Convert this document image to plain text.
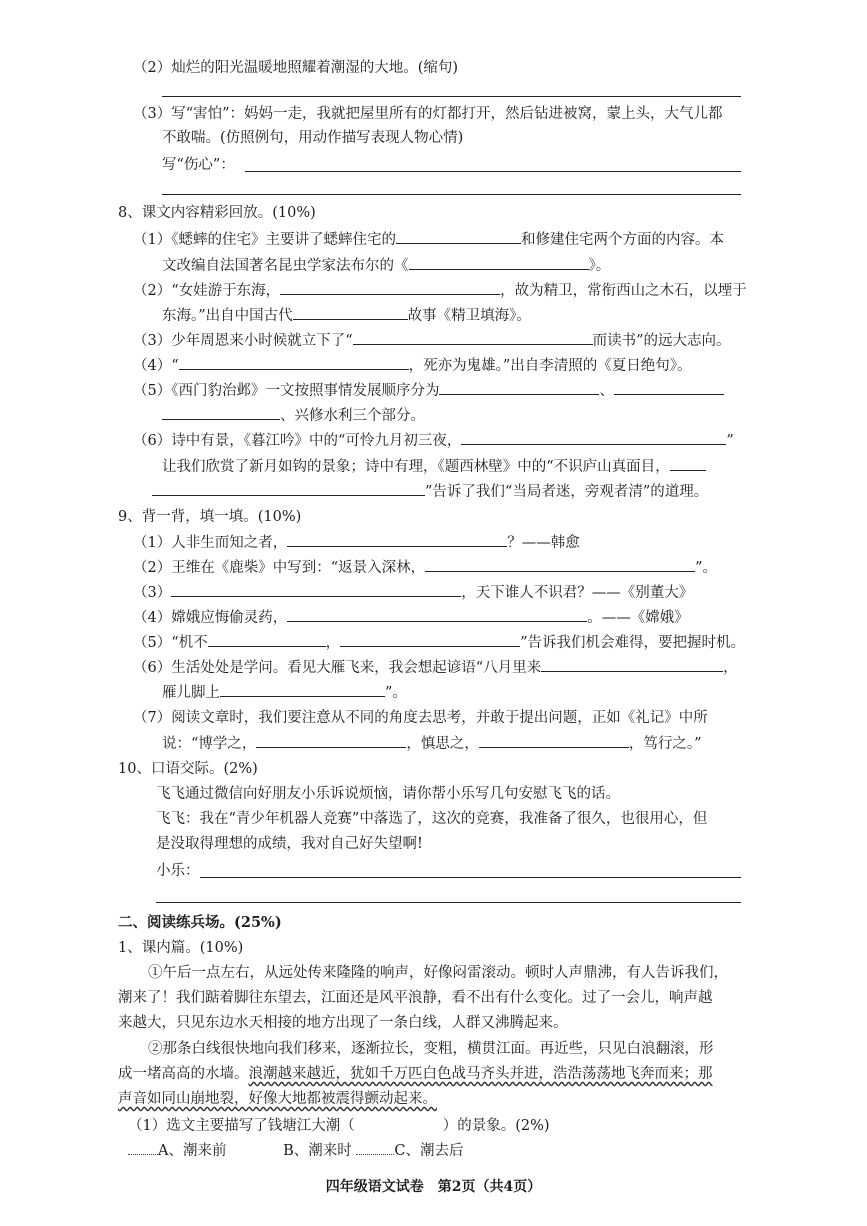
（2）灿烂的阳光温暖地照耀着潮湿的大地。(缩句)
（3）写“害怕”：妈妈一走，我就把屋里所有的灯都打开，然后钻进被窝，蒙上头，大气儿都
不敢喘。(仿照例句，用动作描写表现人物心情)
写“伤心”：
8、课文内容精彩回放。(10%)
（1）《蟋蟀的住宅》主要讲了蟋蟀住宅的	和修建住宅两个方面的内容。本
文改编自法国著名昆虫学家法布尔的《	》。
（2）“女娃游于东海，	，故为精卫，常衔西山之木石，以堙于
东海。”出自中国古代	故事《精卫填海》。
（3）少年周恩来小时候就立下了“	而读书”的远大志向。
（4）“	，死亦为鬼雄。”出自李清照的《夏日绝句》。
（5）《西门豹治邺》一文按照事情发展顺序分为	、
、兴修水利三个部分。
（6）诗中有景，《暮江吟》中的“可怜九月初三夜，	”
让我们欣赏了新月如钩的景象；诗中有理，《题西林壁》中的“不识庐山真面目，
”告诉了我们“当局者迷，旁观者清”的道理。
9、背一背，填一填。(10%)
（1）人非生而知之者，	？——韩愈
（2）王维在《鹿柴》中写到：“返景入深林，	”。
（3）	，天下谁人不识君？——《别董大》
（4）嫦娥应悔偷灵药，	。——《嫦娥》
（5）“机不	，	”告诉我们机会难得，要把握时机。
（6）生活处处是学问。看见大雁飞来，我会想起谚语“八月里来	，
雁儿脚上	”。
（7）阅读文章时，我们要注意从不同的角度去思考，并敢于提出问题，正如《礼记》中所
说：“博学之，	，慎思之，	，笃行之。”
10、口语交际。(2%)
飞飞通过微信向好朋友小乐诉说烦恼，请你帮小乐写几句安慰飞飞的话。
飞飞：我在“青少年机器人竞赛”中落选了，这次的竞赛，我准备了很久，也很用心，但
是没取得理想的成绩，我对自己好失望啊!
小乐：
二、阅读练兵场。(25%)
1、课内篇。(10%)
①午后一点左右，从远处传来隆隆的响声，好像闷雷滚动。顿时人声鼎沸，有人告诉我们，
潮来了！我们踮着脚往东望去，江面还是风平浪静，看不出有什么变化。过了一会儿，响声越
来越大，只见东边水天相接的地方出现了一条白线，人群又沸腾起来。
②那条白线很快地向我们移来，逐渐拉长，变粗，横贯江面。再近些，只见白浪翻滚，形
成一堵高高的水墙。浪潮越来越近，犹如千万匹白色战马齐头并进，浩浩荡荡地飞奔而来；那
声音如同山崩地裂，好像大地都被震得颤动起来。
（1）选文主要描写了钱塘江大潮（	）的景象。(2%)
A、潮来前	B、潮来时	C、潮去后
四年级语文试卷　第2页（共4页）
